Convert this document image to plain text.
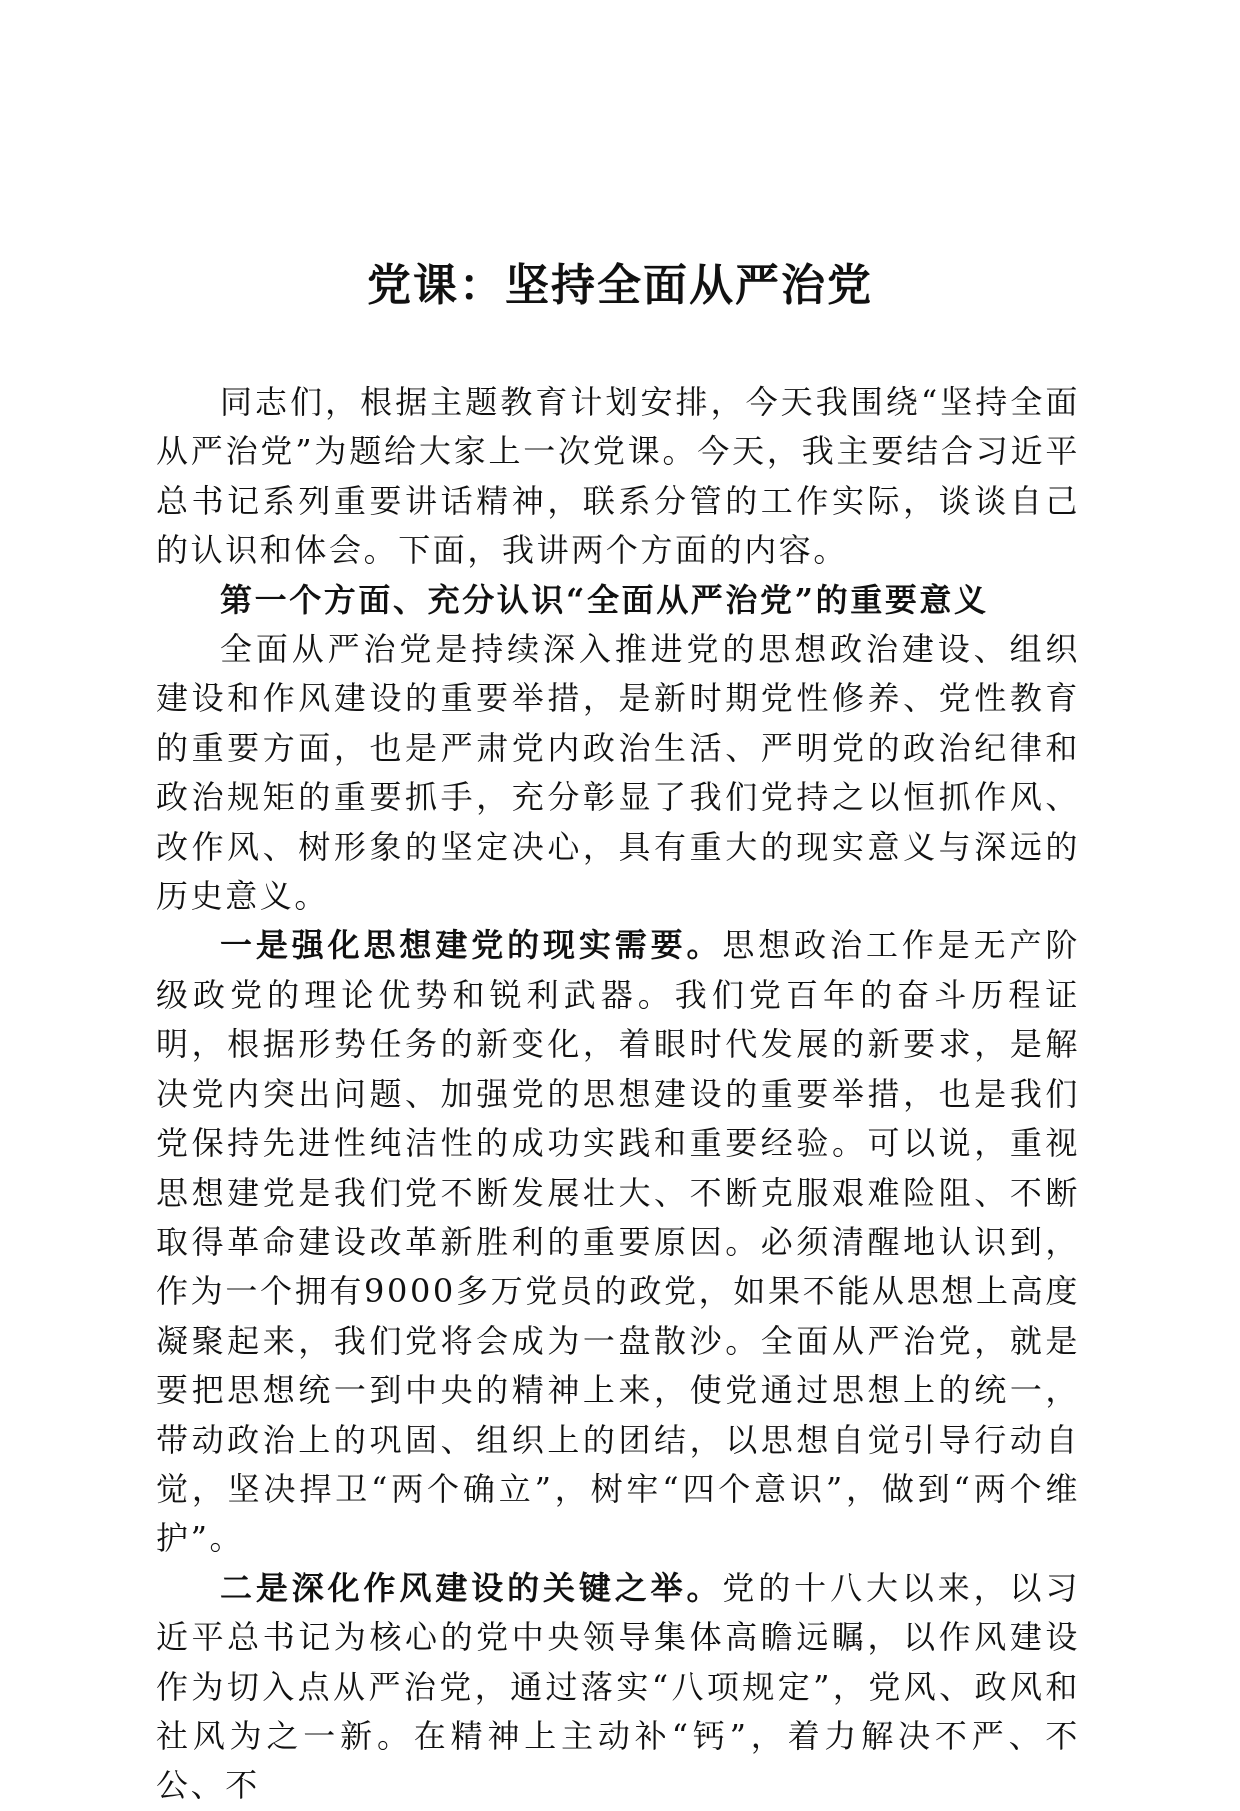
党课：坚持全面从严治党

同志们，根据主题教育计划安排，今天我围绕“坚持全面从严治党”为题给大家上一次党课。今天，我主要结合习近平总书记系列重要讲话精神，联系分管的工作实际，谈谈自己的认识和体会。下面，我讲两个方面的内容。

第一个方面、充分认识“全面从严治党”的重要意义

全面从严治党是持续深入推进党的思想政治建设、组织建设和作风建设的重要举措，是新时期党性修养、党性教育的重要方面，也是严肃党内政治生活、严明党的政治纪律和政治规矩的重要抓手，充分彰显了我们党持之以恒抓作风、改作风、树形象的坚定决心，具有重大的现实意义与深远的历史意义。

一是强化思想建党的现实需要。思想政治工作是无产阶级政党的理论优势和锐利武器。我们党百年的奋斗历程证明，根据形势任务的新变化，着眼时代发展的新要求，是解决党内突出问题、加强党的思想建设的重要举措，也是我们党保持先进性纯洁性的成功实践和重要经验。可以说，重视思想建党是我们党不断发展壮大、不断克服艰难险阻、不断取得革命建设改革新胜利的重要原因。必须清醒地认识到，作为一个拥有9000多万党员的政党，如果不能从思想上高度凝聚起来，我们党将会成为一盘散沙。全面从严治党，就是要把思想统一到中央的精神上来，使党通过思想上的统一，带动政治上的巩固、组织上的团结，以思想自觉引导行动自觉，坚决捍卫“两个确立”，树牢“四个意识”，做到“两个维护”。

二是深化作风建设的关键之举。党的十八大以来，以习近平总书记为核心的党中央领导集体高瞻远瞩，以作风建设作为切入点从严治党，通过落实“八项规定”，党风、政风和社风为之一新。在精神上主动补“钙”，着力解决不严、不公、不
